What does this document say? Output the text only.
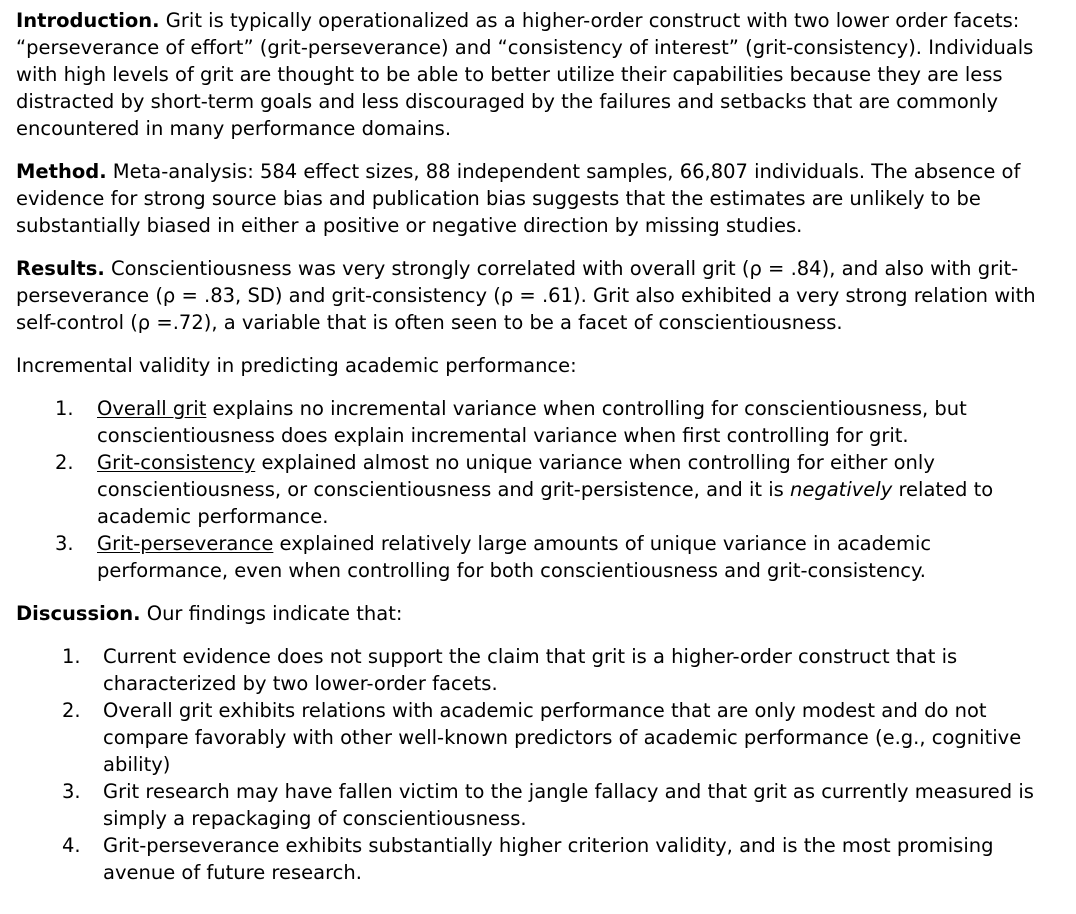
Introduction. Grit is typically operationalized as a higher-order construct with two lower order facets: “perseverance of effort” (grit-perseverance) and “consistency of interest” (grit-consistency). Individuals with high levels of grit are thought to be able to better utilize their capabilities because they are less distracted by short-term goals and less discouraged by the failures and setbacks that are commonly encountered in many performance domains.

Method. Meta-analysis: 584 effect sizes, 88 independent samples, 66,807 individuals. The absence of evidence for strong source bias and publication bias suggests that the estimates are unlikely to be substantially biased in either a positive or negative direction by missing studies.

Results. Conscientiousness was very strongly correlated with overall grit (ρ = .84), and also with grit-perseverance (ρ = .83, SD) and grit-consistency (ρ = .61). Grit also exhibited a very strong relation with self-control (ρ =.72), a variable that is often seen to be a facet of conscientiousness.

Incremental validity in predicting academic performance:

1. Overall grit explains no incremental variance when controlling for conscientiousness, but conscientiousness does explain incremental variance when first controlling for grit.
2. Grit-consistency explained almost no unique variance when controlling for either only conscientiousness, or conscientiousness and grit-persistence, and it is negatively related to academic performance.
3. Grit-perseverance explained relatively large amounts of unique variance in academic performance, even when controlling for both conscientiousness and grit-consistency.

Discussion. Our findings indicate that:

1. Current evidence does not support the claim that grit is a higher-order construct that is characterized by two lower-order facets.
2. Overall grit exhibits relations with academic performance that are only modest and do not compare favorably with other well-known predictors of academic performance (e.g., cognitive ability)
3. Grit research may have fallen victim to the jangle fallacy and that grit as currently measured is simply a repackaging of conscientiousness.
4. Grit-perseverance exhibits substantially higher criterion validity, and is the most promising avenue of future research.
